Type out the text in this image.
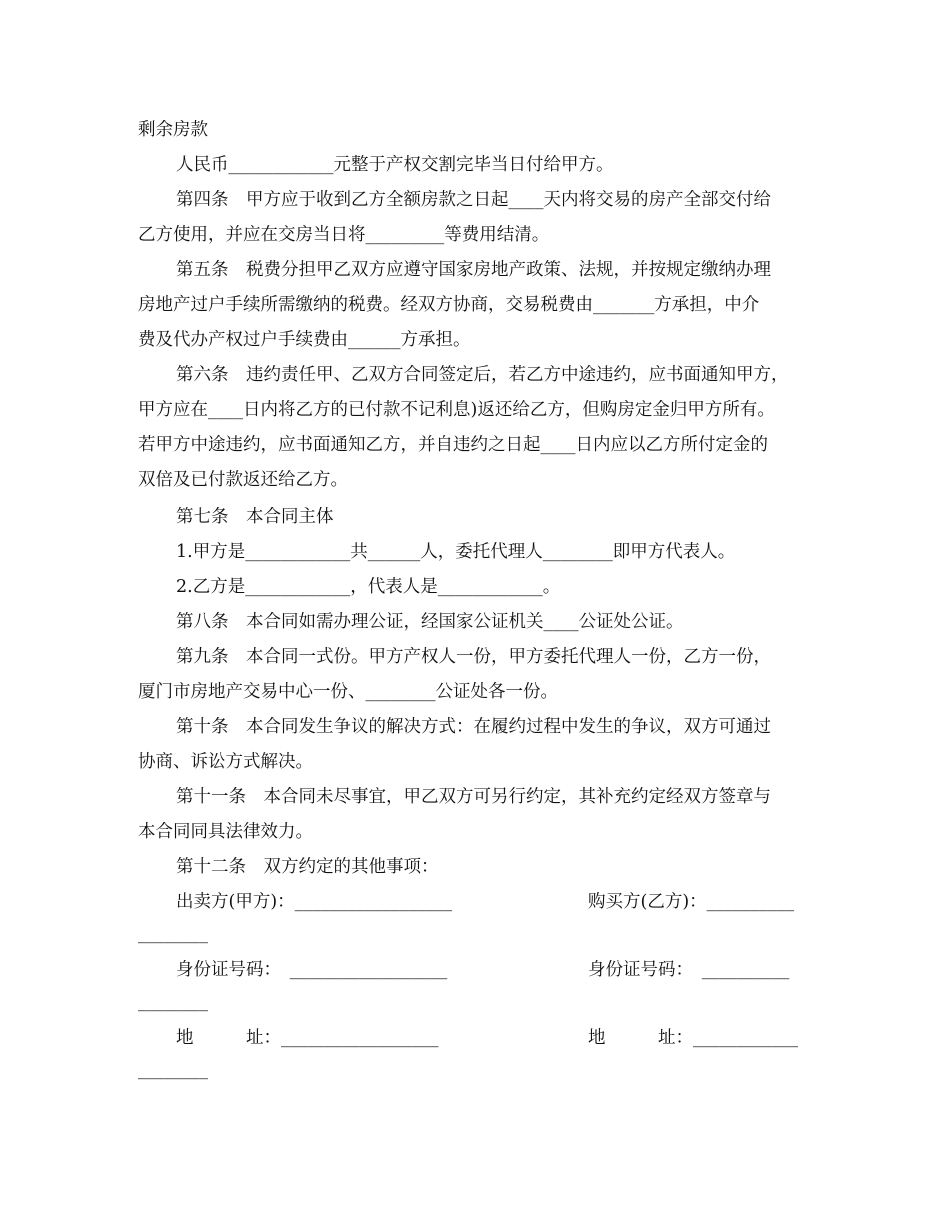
剩余房款

人民币____________元整于产权交割完毕当日付给甲方。

第四条　甲方应于收到乙方全额房款之日起____天内将交易的房产全部交付给

乙方使用，并应在交房当日将_________等费用结清。

第五条　税费分担甲乙双方应遵守国家房地产政策、法规，并按规定缴纳办理

房地产过户手续所需缴纳的税费。经双方协商，交易税费由_______方承担，中介

费及代办产权过户手续费由______方承担。

第六条　违约责任甲、乙双方合同签定后，若乙方中途违约，应书面通知甲方，

甲方应在____日内将乙方的已付款不记利息)返还给乙方，但购房定金归甲方所有。

若甲方中途违约，应书面通知乙方，并自违约之日起____日内应以乙方所付定金的

双倍及已付款返还给乙方。

第七条　本合同主体

1.甲方是____________共______人，委托代理人________即甲方代表人。

2.乙方是____________，代表人是____________。

第八条　本合同如需办理公证，经国家公证机关____公证处公证。

第九条　本合同一式份。甲方产权人一份，甲方委托代理人一份，乙方一份，

厦门市房地产交易中心一份、________公证处各一份。

第十条　本合同发生争议的解决方式：在履约过程中发生的争议，双方可通过

协商、诉讼方式解决。

第十一条　本合同未尽事宜，甲乙双方可另行约定，其补充约定经双方签章与

本合同同具法律效力。

第十二条　双方约定的其他事项：

出卖方(甲方)：__________________	购买方(乙方)：__________
________
身份证号码：　__________________	身份证号码：　__________
________
地　　　址：__________________	地　　　址：____________
________
